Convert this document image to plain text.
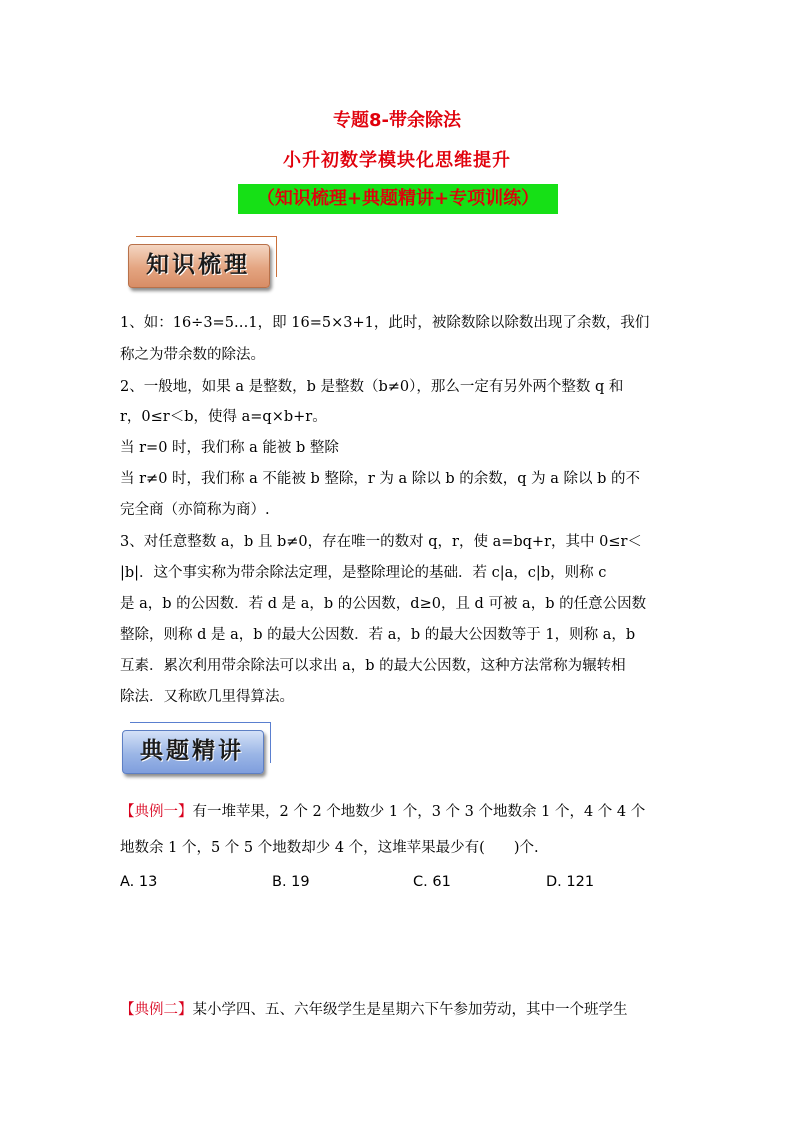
专题8-带余除法
小升初数学模块化思维提升
（知识梳理+典题精讲+专项训练）
知识梳理
1、如：16÷3=5…1，即 16=5×3+1，此时，被除数除以除数出现了余数，我们
称之为带余数的除法。
2、一般地，如果 a 是整数，b 是整数（b≠0），那么一定有另外两个整数 q 和
r，0≤r＜b，使得 a=q×b+r。
当 r=0 时，我们称 a 能被 b 整除
当 r≠0 时，我们称 a 不能被 b 整除，r 为 a 除以 b 的余数，q 为 a 除以 b 的不
完全商（亦简称为商）.
3、对任意整数 a，b 且 b≠0，存在唯一的数对 q，r，使 a=bq+r，其中 0≤r＜
|b|．这个事实称为带余除法定理，是整除理论的基础．若 c|a，c|b，则称 c
是 a，b 的公因数．若 d 是 a，b 的公因数，d≥0，且 d 可被 a，b 的任意公因数
整除，则称 d 是 a，b 的最大公因数．若 a，b 的最大公因数等于 1，则称 a，b
互素．累次利用带余除法可以求出 a，b 的最大公因数，这种方法常称为辗转相
除法．又称欧几里得算法。
典题精讲
【典例一】有一堆苹果，2 个 2 个地数少 1 个，3 个 3 个地数余 1 个，4 个 4 个
地数余 1 个，5 个 5 个地数却少 4 个，这堆苹果最少有(　　)个.
A. 13	B. 19	C. 61	D. 121
【典例二】某小学四、五、六年级学生是星期六下午参加劳动，其中一个班学生
